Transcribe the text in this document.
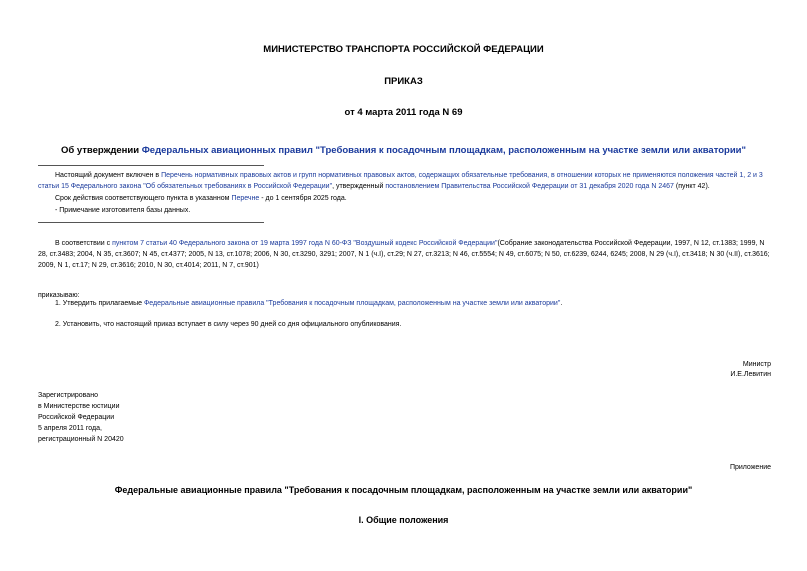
МИНИСТЕРСТВО ТРАНСПОРТА РОССИЙСКОЙ ФЕДЕРАЦИИ
ПРИКАЗ
от 4 марта 2011 года N 69
Об утверждении Федеральных авиационных правил "Требования к посадочным площадкам, расположенным на участке земли или акватории"

Настоящий документ включен в Перечень нормативных правовых актов и групп нормативных правовых актов, содержащих обязательные требования, в отношении которых не применяются положения частей 1, 2 и 3 статьи 15 Федерального закона "Об обязательных требованиях в Российской Федерации", утвержденный постановлением Правительства Российской Федерации от 31 декабря 2020 года N 2467 (пункт 42).

Срок действия соответствующего пункта в указанном Перечне - до 1 сентября 2025 года.

- Примечание изготовителя базы данных.

В соответствии с пунктом 7 статьи 40 Федерального закона от 19 марта 1997 года N 60-ФЗ "Воздушный кодекс Российской Федерации"(Собрание законодательства Российской Федерации, 1997, N 12, ст.1383; 1999, N 28, ст.3483; 2004, N 35, ст.3607; N 45, ст.4377; 2005, N 13, ст.1078; 2006, N 30, ст.3290, 3291; 2007, N 1 (ч.I), ст.29; N 27, ст.3213; N 46, ст.5554; N 49, ст.6075; N 50, ст.6239, 6244, 6245; 2008, N 29 (ч.I), ст.3418; N 30 (ч.II), ст.3616; 2009, N 1, ст.17; N 29, ст.3616; 2010, N 30, ст.4014; 2011, N 7, ст.901)

приказываю:
1. Утвердить прилагаемые Федеральные авиационные правила "Требования к посадочным площадкам, расположенным на участке земли или акватории".
2. Установить, что настоящий приказ вступает в силу через 90 дней со дня официального опубликования.
Министр
И.Е.Левитин

Зарегистрировано

в Министерстве юстиции

Российской Федерации

5 апреля 2011 года,

регистрационный N 20420

Приложение
Федеральные авиационные правила "Требования к посадочным площадкам, расположенным на участке земли или акватории"
I. Общие положения
